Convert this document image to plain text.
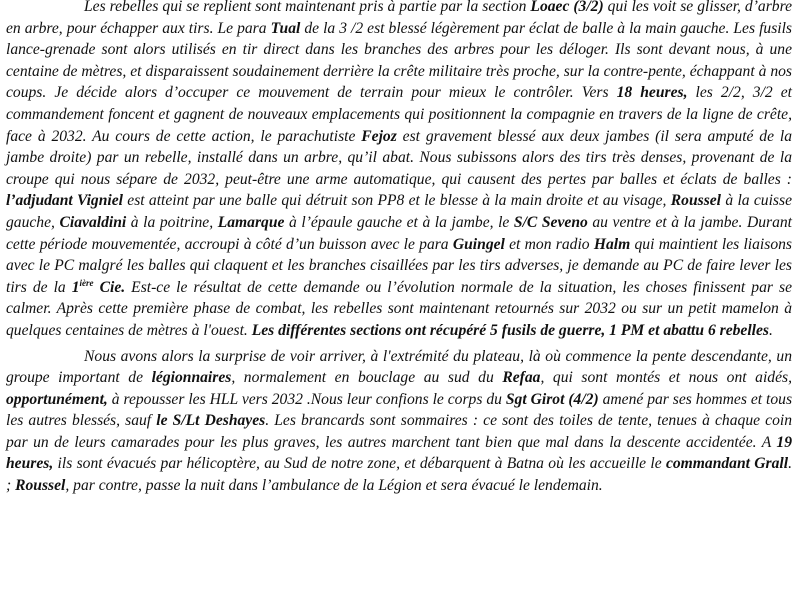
Les rebelles qui se replient sont maintenant pris à partie par la section Loaec (3/2) qui les voit se glisser, d’arbre en arbre, pour échapper aux tirs. Le para Tual de la 3 /2 est blessé légèrement par éclat de balle à la main gauche. Les fusils lance-grenade sont alors utilisés en tir direct dans les branches des arbres pour les déloger. Ils sont devant nous, à une centaine de mètres, et disparaissent soudainement derrière la crête militaire très proche, sur la contre-pente, échappant à nos coups. Je décide alors d’occuper ce mouvement de terrain pour mieux le contrôler. Vers 18 heures, les 2/2, 3/2 et commandement foncent et gagnent de nouveaux emplacements qui positionnent la compagnie en travers de la ligne de crête, face à 2032. Au cours de cette action, le parachutiste Fejoz est gravement blessé aux deux jambes (il sera amputé de la jambe droite) par un rebelle, installé dans un arbre, qu’il abat. Nous subissons alors des tirs très denses, provenant de la croupe qui nous sépare de 2032, peut-être une arme automatique, qui causent des pertes par balles et éclats de balles : l’adjudant Vigniel est atteint par une balle qui détruit son PP8 et le blesse à la main droite et au visage, Roussel à la cuisse gauche, Ciavaldini à la poitrine, Lamarque à l’épaule gauche et à la jambe, le S/C Seveno au ventre et à la jambe. Durant cette période mouvementée, accroupi à côté d’un buisson avec le para Guingel et mon radio Halm qui maintient les liaisons avec le PC malgré les balles qui claquent et les branches cisaillées par les tirs adverses, je demande au PC de faire lever les tirs de la $1^{ière}$ Cie. Est-ce le résultat de cette demande ou l’évolution normale de la situation, les choses finissent par se calmer. Après cette première phase de combat, les rebelles sont maintenant retournés sur 2032 ou sur un petit mamelon à quelques centaines de mètres à l'ouest. Les différentes sections ont récupéré 5 fusils de guerre, 1 PM et abattu 6 rebelles.

Nous avons alors la surprise de voir arriver, à l'extrémité du plateau, là où commence la pente descendante, un groupe important de légionnaires, normalement en bouclage au sud du Refaa, qui sont montés et nous ont aidés, opportunément, à repousser les HLL vers 2032 .Nous leur confions le corps du Sgt Girot (4/2) amené par ses hommes et tous les autres blessés, sauf le S/Lt Deshayes. Les brancards sont sommaires : ce sont des toiles de tente, tenues à chaque coin par un de leurs camarades pour les plus graves, les autres marchent tant bien que mal dans la descente accidentée. A 19 heures, ils sont évacués par hélicoptère, au Sud de notre zone, et débarquent à Batna où les accueille le commandant Grall. ; Roussel, par contre, passe la nuit dans l’ambulance de la Légion et sera évacué le lendemain.
